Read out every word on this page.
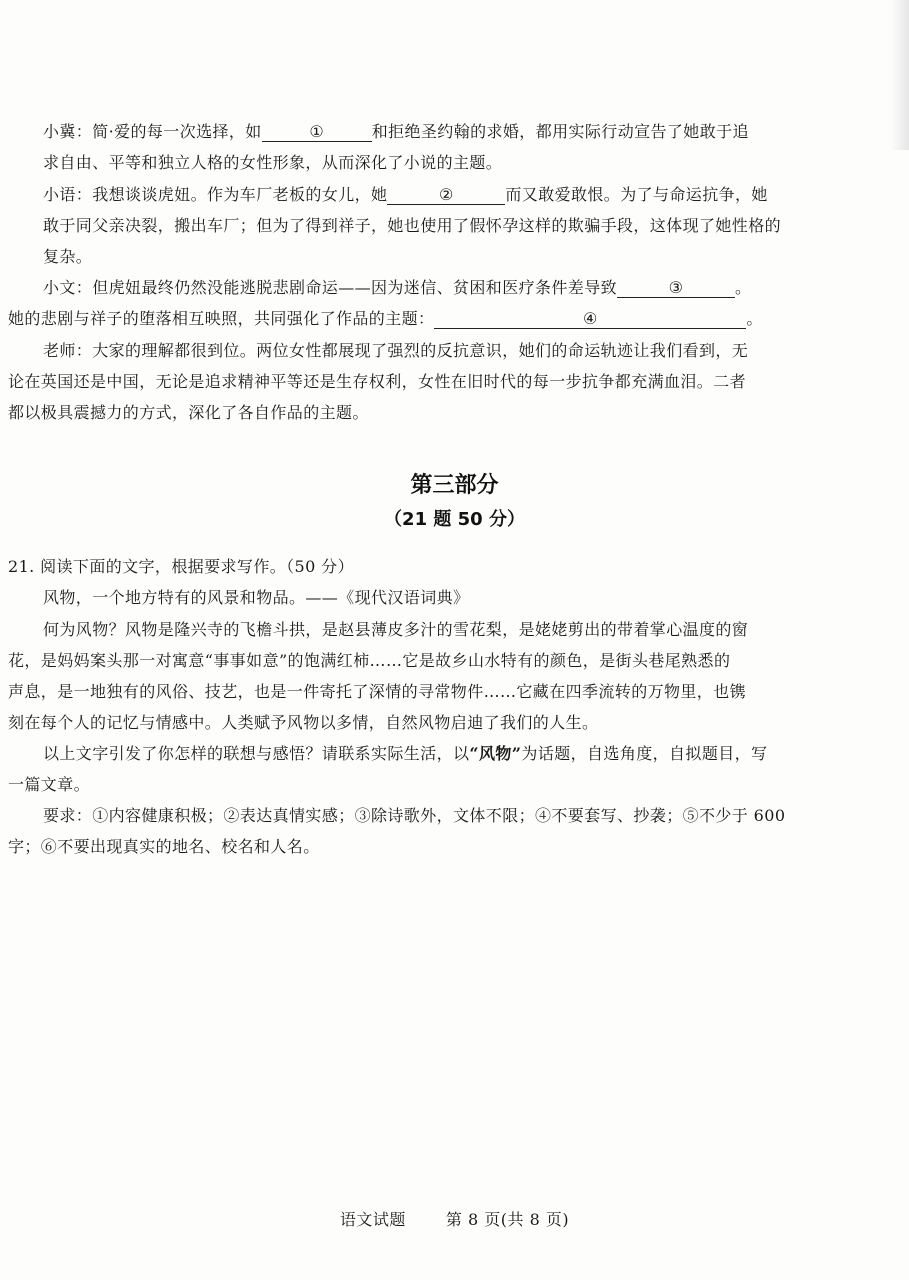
小冀：简·爱的每一次选择，如	①	和拒绝圣约翰的求婚，都用实际行动宣告了她敢于追
求自由、平等和独立人格的女性形象，从而深化了小说的主题。
小语：我想谈谈虎妞。作为车厂老板的女儿，她	②	而又敢爱敢恨。为了与命运抗争，她
敢于同父亲决裂，搬出车厂；但为了得到祥子，她也使用了假怀孕这样的欺骗手段，这体现了她性格的
复杂。
小文：但虎妞最终仍然没能逃脱悲剧命运——因为迷信、贫困和医疗条件差导致	③	。
她的悲剧与祥子的堕落相互映照，共同强化了作品的主题：	④	。
老师：大家的理解都很到位。两位女性都展现了强烈的反抗意识，她们的命运轨迹让我们看到，无
论在英国还是中国，无论是追求精神平等还是生存权利，女性在旧时代的每一步抗争都充满血泪。二者
都以极具震撼力的方式，深化了各自作品的主题。
第三部分
（21 题 50 分）
21. 阅读下面的文字，根据要求写作。（50 分）
风物，一个地方特有的风景和物品。——《现代汉语词典》
何为风物？风物是隆兴寺的飞檐斗拱，是赵县薄皮多汁的雪花梨，是姥姥剪出的带着掌心温度的窗
花，是妈妈案头那一对寓意“事事如意”的饱满红柿……它是故乡山水特有的颜色，是街头巷尾熟悉的
声息，是一地独有的风俗、技艺，也是一件寄托了深情的寻常物件……它藏在四季流转的万物里，也镌
刻在每个人的记忆与情感中。人类赋予风物以多情，自然风物启迪了我们的人生。
以上文字引发了你怎样的联想与感悟？请联系实际生活，以“风物”为话题，自选角度，自拟题目，写
一篇文章。
要求：①内容健康积极；②表达真情实感；③除诗歌外，文体不限；④不要套写、抄袭；⑤不少于 600
字；⑥不要出现真实的地名、校名和人名。
语文试题	第 8 页(共 8 页)
